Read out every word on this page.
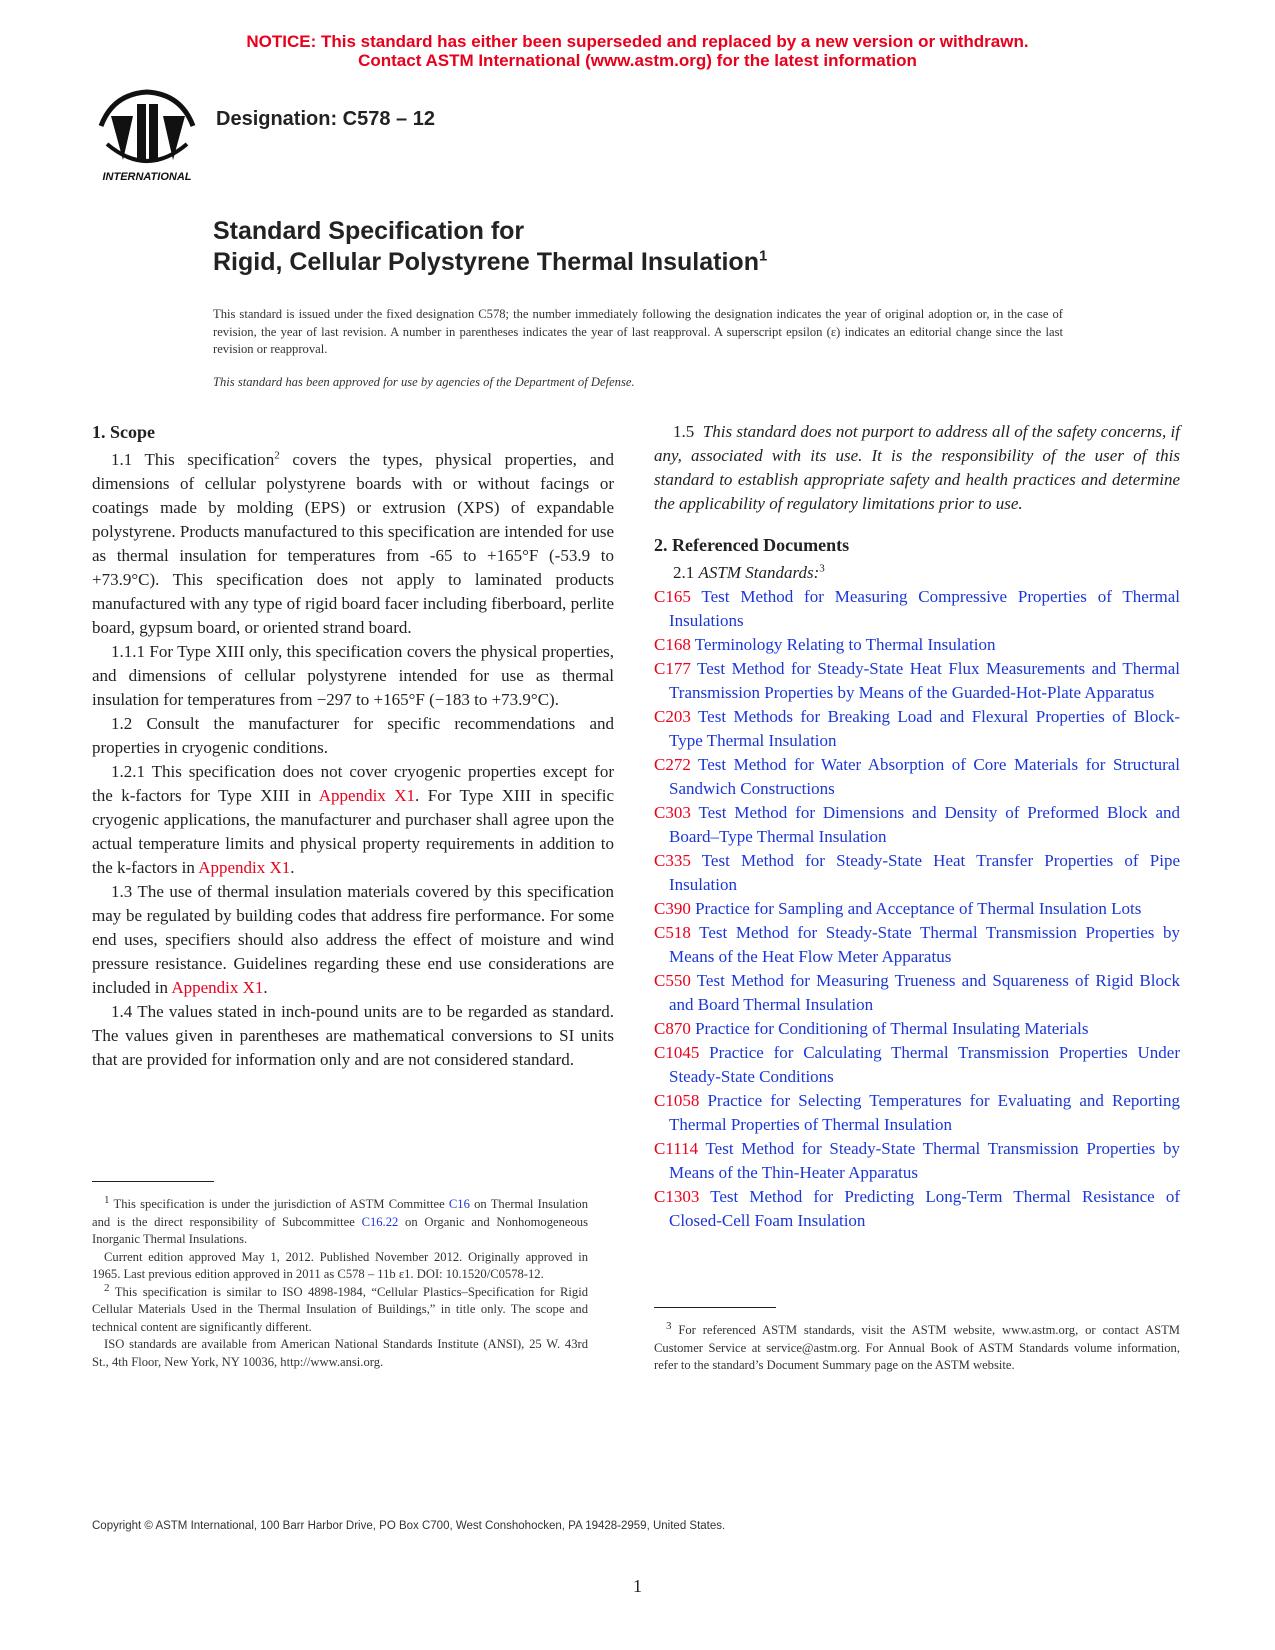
NOTICE: This standard has either been superseded and replaced by a new version or withdrawn.
Contact ASTM International (www.astm.org) for the latest information
INTERNATIONAL
Designation: C578 – 12
Standard Specification for
Rigid, Cellular Polystyrene Thermal Insulation$^1$
This standard is issued under the fixed designation C578; the number immediately following the designation indicates the year of original adoption or, in the case of revision, the year of last revision. A number in parentheses indicates the year of last reapproval. A superscript epsilon (ε) indicates an editorial change since the last revision or reapproval.
This standard has been approved for use by agencies of the Department of Defense.

1. Scope

1.1 This specification$^2$ covers the types, physical properties, and dimensions of cellular polystyrene boards with or without facings or coatings made by molding (EPS) or extrusion (XPS) of expandable polystyrene. Products manufactured to this specification are intended for use as thermal insulation for temperatures from -65 to +165°F (-53.9 to +73.9°C). This specification does not apply to laminated products manufactured with any type of rigid board facer including fiberboard, perlite board, gypsum board, or oriented strand board.

1.1.1 For Type XIII only, this specification covers the physical properties, and dimensions of cellular polystyrene intended for use as thermal insulation for temperatures from −297 to +165°F (−183 to +73.9°C).

1.2 Consult the manufacturer for specific recommendations and properties in cryogenic conditions.

1.2.1 This specification does not cover cryogenic properties except for the k-factors for Type XIII in Appendix X1. For Type XIII in specific cryogenic applications, the manufacturer and purchaser shall agree upon the actual temperature limits and physical property requirements in addition to the k-factors in Appendix X1.

1.3 The use of thermal insulation materials covered by this specification may be regulated by building codes that address fire performance. For some end uses, specifiers should also address the effect of moisture and wind pressure resistance. Guidelines regarding these end use considerations are included in Appendix X1.

1.4 The values stated in inch-pound units are to be regarded as standard. The values given in parentheses are mathematical conversions to SI units that are provided for information only and are not considered standard.

1.5 This standard does not purport to address all of the safety concerns, if any, associated with its use. It is the responsibility of the user of this standard to establish appropriate safety and health practices and determine the applicability of regulatory limitations prior to use.

2. Referenced Documents

2.1 ASTM Standards:$^3$

C165 Test Method for Measuring Compressive Properties of Thermal Insulations

C168 Terminology Relating to Thermal Insulation

C177 Test Method for Steady-State Heat Flux Measurements and Thermal Transmission Properties by Means of the Guarded-Hot-Plate Apparatus

C203 Test Methods for Breaking Load and Flexural Properties of Block-Type Thermal Insulation

C272 Test Method for Water Absorption of Core Materials for Structural Sandwich Constructions

C303 Test Method for Dimensions and Density of Preformed Block and Board–Type Thermal Insulation

C335 Test Method for Steady-State Heat Transfer Properties of Pipe Insulation

C390 Practice for Sampling and Acceptance of Thermal Insulation Lots

C518 Test Method for Steady-State Thermal Transmission Properties by Means of the Heat Flow Meter Apparatus

C550 Test Method for Measuring Trueness and Squareness of Rigid Block and Board Thermal Insulation

C870 Practice for Conditioning of Thermal Insulating Materials

C1045 Practice for Calculating Thermal Transmission Properties Under Steady-State Conditions

C1058 Practice for Selecting Temperatures for Evaluating and Reporting Thermal Properties of Thermal Insulation

C1114 Test Method for Steady-State Thermal Transmission Properties by Means of the Thin-Heater Apparatus

C1303 Test Method for Predicting Long-Term Thermal Resistance of Closed-Cell Foam Insulation

$^1$ This specification is under the jurisdiction of ASTM Committee C16 on Thermal Insulation and is the direct responsibility of Subcommittee C16.22 on Organic and Nonhomogeneous Inorganic Thermal Insulations.

Current edition approved May 1, 2012. Published November 2012. Originally approved in 1965. Last previous edition approved in 2011 as C578 – 11b ε1. DOI: 10.1520/C0578-12.

$^2$ This specification is similar to ISO 4898-1984, “Cellular Plastics–Specification for Rigid Cellular Materials Used in the Thermal Insulation of Buildings,” in title only. The scope and technical content are significantly different.

ISO standards are available from American National Standards Institute (ANSI), 25 W. 43rd St., 4th Floor, New York, NY 10036, http://www.ansi.org.

$^3$ For referenced ASTM standards, visit the ASTM website, www.astm.org, or contact ASTM Customer Service at service@astm.org. For Annual Book of ASTM Standards volume information, refer to the standard’s Document Summary page on the ASTM website.

Copyright © ASTM International, 100 Barr Harbor Drive, PO Box C700, West Conshohocken, PA 19428-2959, United States.
1
